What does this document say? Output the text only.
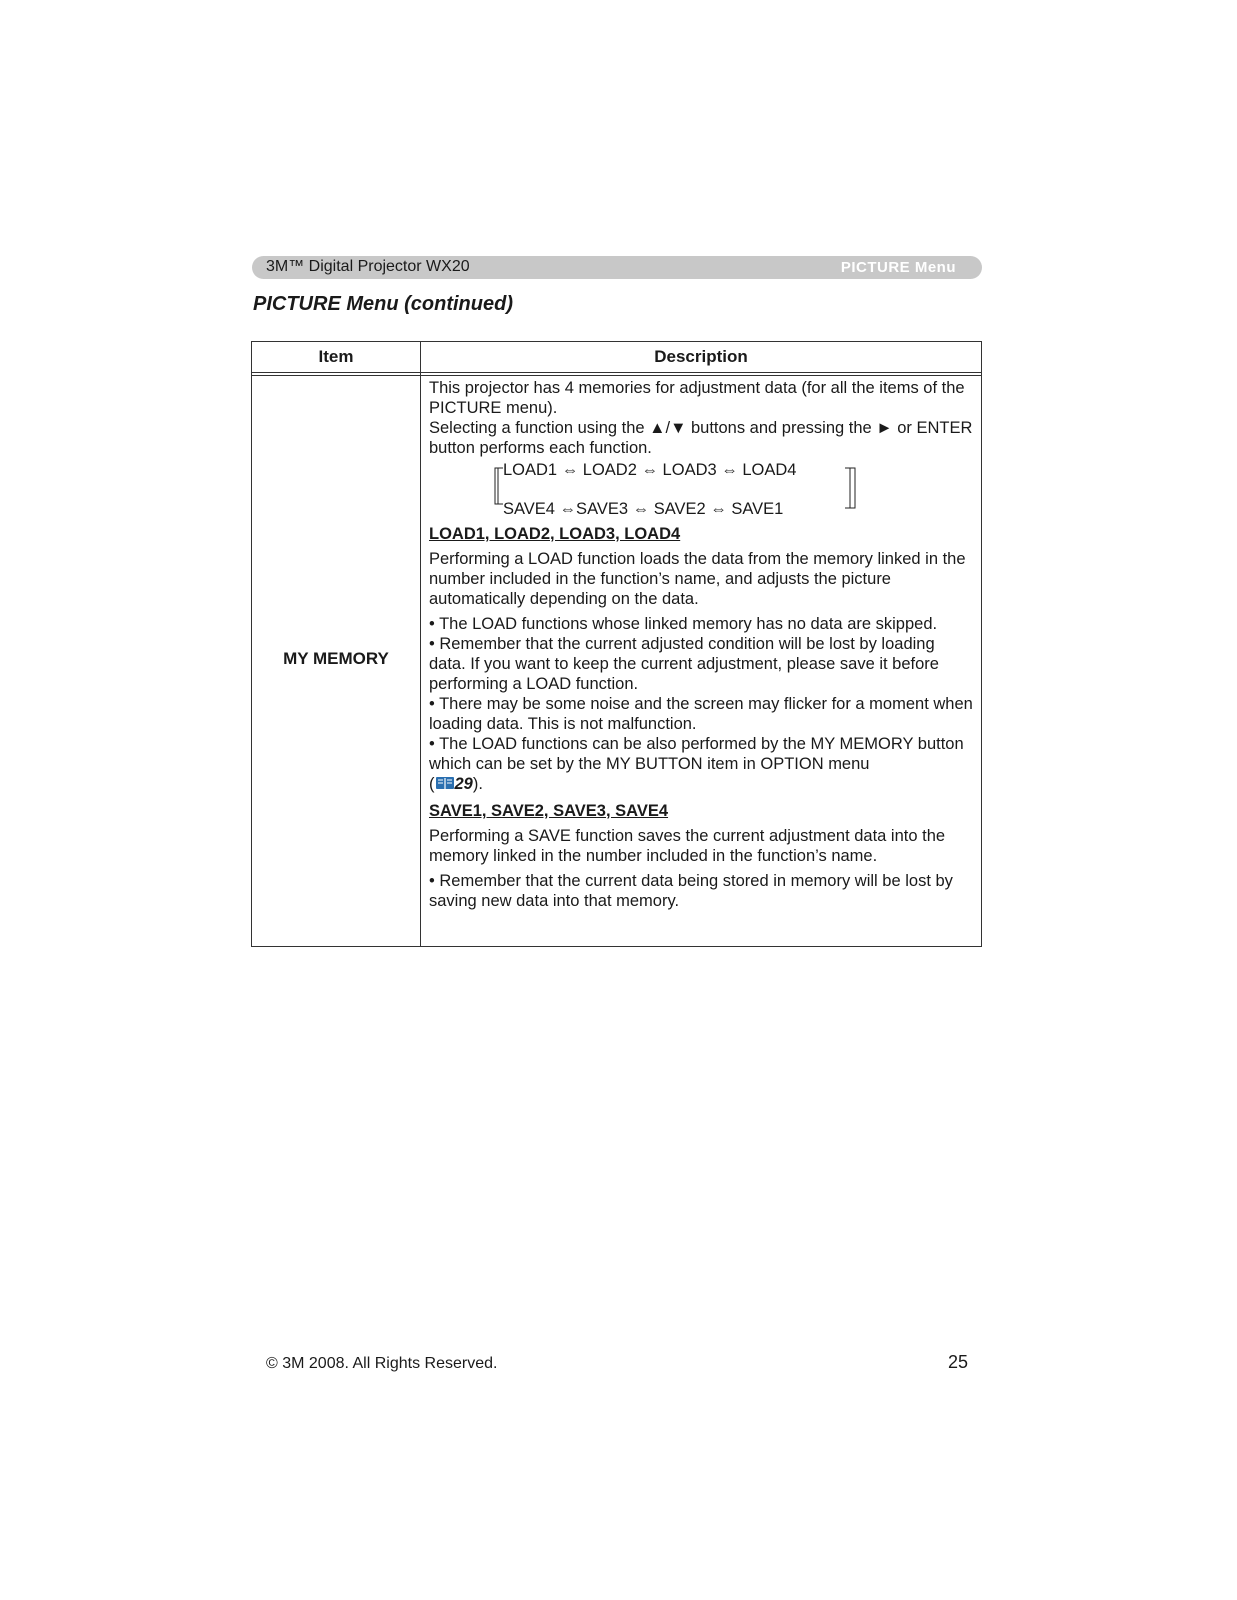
3M™ Digital Projector WX20	PICTURE Menu
PICTURE Menu (continued)
Item	Description
MY MEMORY

This projector has 4 memories for adjustment data (for all the items of the PICTURE menu).

Selecting a function using the ▲/▼ buttons and pressing the ► or ENTER button performs each function.

LOAD1 ⇔ LOAD2 ⇔ LOAD3 ⇔ LOAD4
SAVE4 ⇔SAVE3 ⇔ SAVE2 ⇔ SAVE1

LOAD1, LOAD2, LOAD3, LOAD4

Performing a LOAD function loads the data from the memory linked in the number included in the function’s name, and adjusts the picture automatically depending on the data.

• The LOAD functions whose linked memory has no data are skipped.

• Remember that the current adjusted condition will be lost by loading data. If you want to keep the current adjustment, please save it before performing a LOAD function.

• There may be some noise and the screen may flicker for a moment when loading data. This is not malfunction.

• The LOAD functions can be also performed by the MY MEMORY button which can be set by the MY BUTTON item in OPTION menu

( 29).

SAVE1, SAVE2, SAVE3, SAVE4

Performing a SAVE function saves the current adjustment data into the memory linked in the number included in the function’s name.

• Remember that the current data being stored in memory will be lost by saving new data into that memory.

© 3M 2008. All Rights Reserved.	25
